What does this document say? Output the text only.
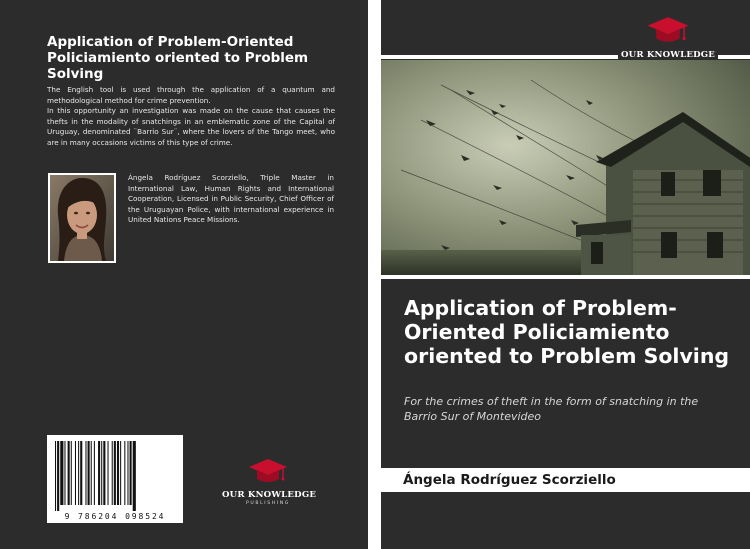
Application of Problem-Oriented Policiamiento oriented to Problem Solving

The English tool is used through the application of a quantum and methodological method for crime prevention.

In this opportunity an investigation was made on the cause that causes the thefts in the modality of snatchings in an emblematic zone of the Capital of Uruguay, denominated ¨Barrio Sur¨, where the lovers of the Tango meet, who are in many occasions victims of this type of crime.

Ángela Rodríguez Scorziello, Triple Master in International Law, Human Rights and International Cooperation, Licensed in Public Security, Chief Officer of the Uruguayan Police, with international experience in United Nations Peace Missions.
9 786204 098524
OUR KNOWLEDGE
PUBLISHING
OUR KNOWLEDGE
Application of Problem-Oriented Policiamiento oriented to Problem Solving
For the crimes of theft in the form of snatching in the Barrio Sur of Montevideo
Ángela Rodríguez Scorziello
